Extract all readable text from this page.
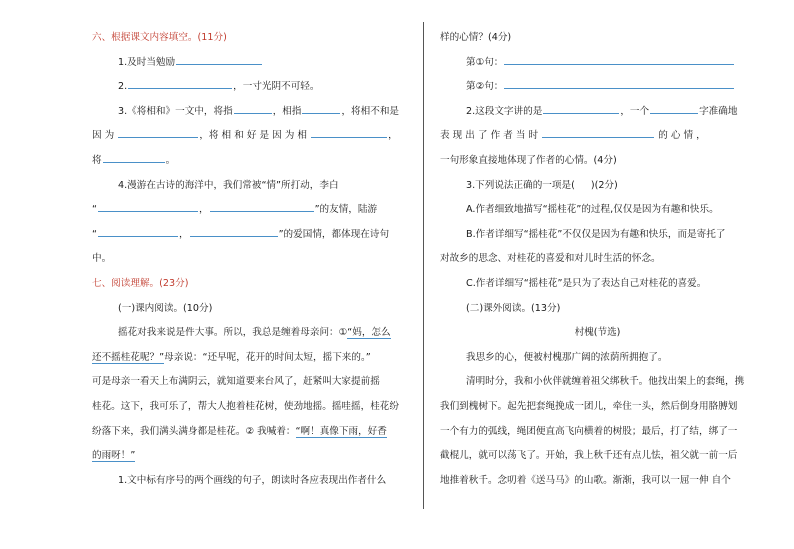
六、根据课文内容填空。(11分)
1.及时当勉励
2.	，一寸光阴不可轻。
3.《将相和》一文中，将指	，相指	，将相不和是
因 为	，将 相 和 好 是 因 为 相	，
将	。
4.漫游在古诗的海洋中，我们常被“情”所打动，李白
“	，	”的友情，陆游
“	，	”的爱国情，都体现在诗句
中。
七、阅读理解。(23分)
(一)课内阅读。(10分)
摇花对我来说是件大事。所以，我总是缠着母亲问：①“妈，怎么
还不摇桂花呢？”母亲说：“还早呢，花开的时间太短，摇下来的。”
可是母亲一看天上布满阴云，就知道要来台风了，赶紧叫大家提前摇
桂花。这下，我可乐了，帮大人抱着桂花树，使劲地摇。摇哇摇，桂花纷
纷落下来，我们满头满身都是桂花。② 我喊着：“啊！真像下雨，好香
的雨呀！”
1.文中标有序号的两个画线的句子，朗读时各应表现出作者什么
样的心情？(4分)
第①句：
第②句：
2.这段文字讲的是	，一个	字准确地
表 现 出 了 作 者 当 时	的 心 情 ，
一句形象直接地体现了作者的心情。(4分)
3.下列说法正确的一项是( )(2分)
A.作者细致地描写“摇桂花”的过程,仅仅是因为有趣和快乐。
B.作者详细写“摇桂花”不仅仅是因为有趣和快乐，而是寄托了
对故乡的思念、对桂花的喜爱和对儿时生活的怀念。
C.作者详细写“摇桂花”是只为了表达自己对桂花的喜爱。
(二)课外阅读。(13分)
村槐(节选)
我思乡的心，便被村槐那广阔的浓荫所拥抱了。
清明时分，我和小伙伴就缠着祖父绑秋千。他找出架上的套绳，携
我们到槐树下。起先把套绳挽成一团儿，牵住一头，然后倒身用胳膊划
一个有力的弧线，绳团便直高飞向横着的树股；最后，打了结，绑了一
截棍儿，就可以荡飞了。开始，我上秋千还有点儿怯，祖父就一前一后
地推着秋千。念叨着《送马马》的山歌。渐渐，我可以一屈一伸 自个
